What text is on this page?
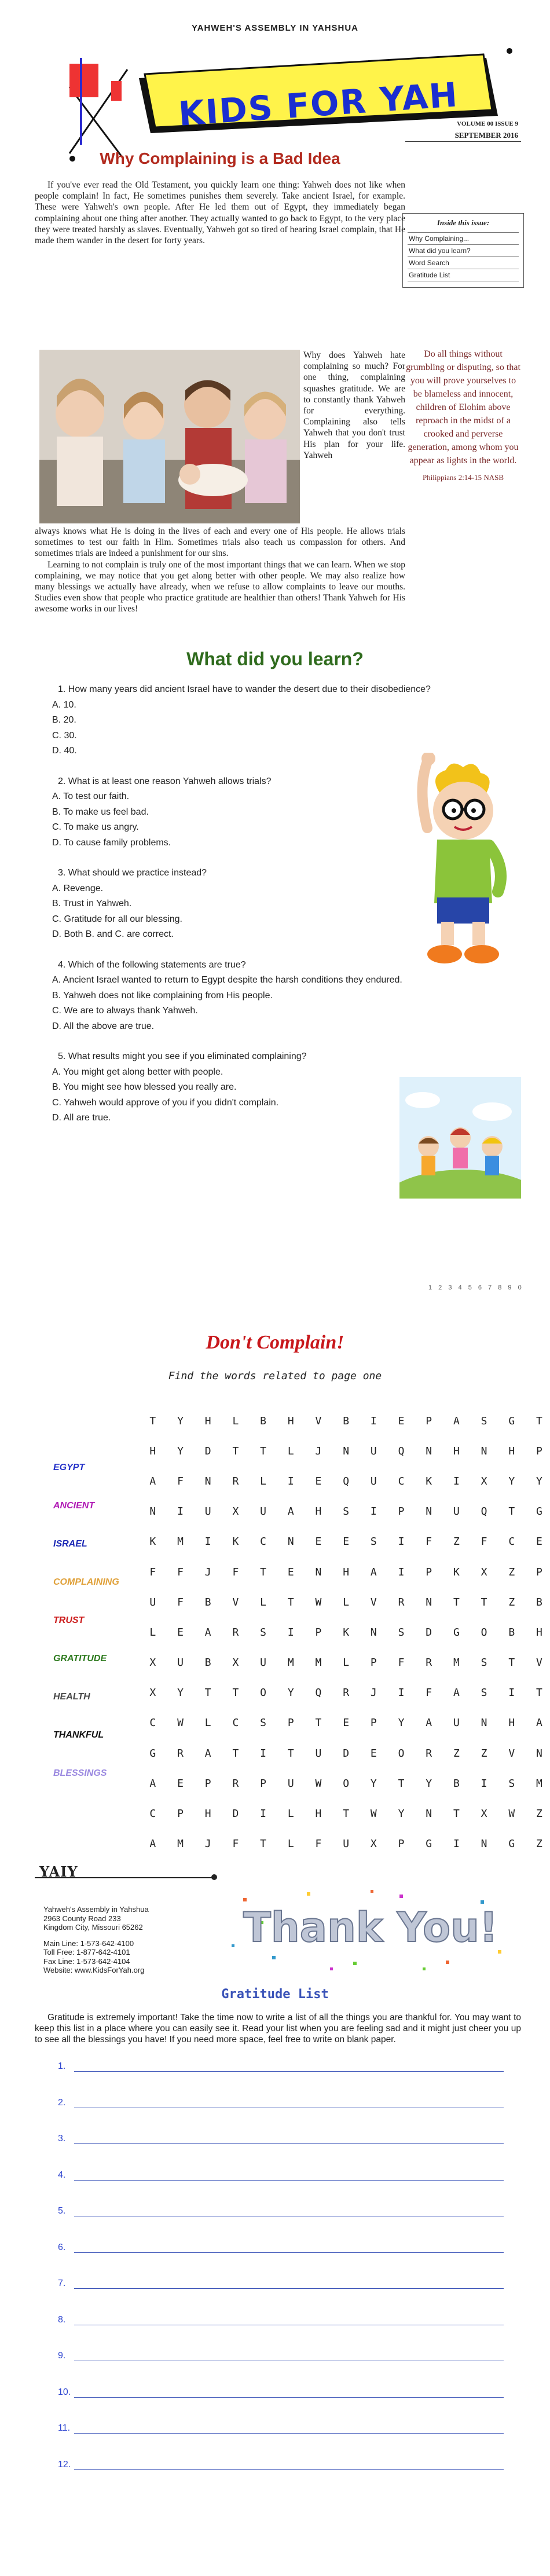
YAHWEH'S ASSEMBLY IN YAHSHUA
KIDS FOR YAH
VOLUME 00 ISSUE 9
SEPTEMBER 2016
Why Complaining is a Bad Idea

If you've ever read the Old Testament, you quickly learn one thing: Yahweh does not like when people complain! In fact, He sometimes punishes them severely. Take ancient Israel, for example. These were Yahweh's own people. After He led them out of Egypt, they immediately began complaining about one thing after another. They actually wanted to go back to Egypt, to the very place they were treated harshly as slaves. Eventually, Yahweh got so tired of hearing Israel complain, that He made them wander in the desert for forty years.

Why does Yahweh hate complaining so much? For one thing, complaining squashes gratitude. We are to constantly thank Yahweh for everything. Complaining also tells Yahweh that you don't trust His plan for your life. Yahweh

always knows what He is doing in the lives of each and every one of His people. He allows trials sometimes to test our faith in Him. Sometimes trials also teach us compassion for others. And sometimes trials are indeed a punishment for our sins.

Learning to not complain is truly one of the most important things that we can learn. When we stop complaining, we may notice that you get along better with other people. We may also realize how many blessings we actually have already, when we refuse to allow complaints to leave our mouths. Studies even show that people who practice gratitude are healthier than others! Thank Yahweh for His awesome works in our lives!

Inside this issue:
Why Complaining...
What did you learn?
Word Search
Gratitude List
Do all things without grumbling or disputing, so that you will prove yourselves to be blameless and innocent, children of Elohim above reproach in the midst of a crooked and perverse generation, among whom you appear as lights in the world.
Philippians 2:14-15 NASB
What did you learn?
1. How many years did ancient Israel have to wander the desert due to their disobedience?
A. 10.
B. 20.
C. 30.
D. 40.
2. What is at least one reason Yahweh allows trials?
A. To test our faith.
B. To make us feel bad.
C. To make us angry.
D. To cause family problems.
3. What should we practice instead?
A. Revenge.
B. Trust in Yahweh.
C. Gratitude for all our blessing.
D. Both B. and C. are correct.
4. Which of the following statements are true?
A. Ancient Israel wanted to return to Egypt despite the harsh conditions they endured.
B. Yahweh does not like complaining from His people.
C. We are to always thank Yahweh.
D. All the above are true.
5. What results might you see if you eliminated complaining?
A. You might get along better with people.
B. You might see how blessed you really are.
C. Yahweh would approve of you if you didn't complain.
D. All are true.
1 2 3 4 5 6 7 8 9 0
Don't Complain!
Find the words related to page one
T	Y	H	L	B	H	V	B	I	E	P	A	S	G	T
H	Y	D	T	T	L	J	N	U	Q	N	H	N	H	P
A	F	N	R	L	I	E	Q	U	C	K	I	X	Y	Y
N	I	U	X	U	A	H	S	I	P	N	U	Q	T	G
K	M	I	K	C	N	E	E	S	I	F	Z	F	C	E
F	F	J	F	T	E	N	H	A	I	P	K	X	Z	P
U	F	B	V	L	T	W	L	V	R	N	T	T	Z	B
L	E	A	R	S	I	P	K	N	S	D	G	O	B	H
X	U	B	X	U	M	M	L	P	F	R	M	S	T	V
X	Y	T	T	O	Y	Q	R	J	I	F	A	S	I	T
C	W	L	C	S	P	T	E	P	Y	A	U	N	H	A
G	R	A	T	I	T	U	D	E	O	R	Z	Z	V	N
A	E	P	R	P	U	W	O	Y	T	Y	B	I	S	M
C	P	H	D	I	L	H	T	W	Y	N	T	X	W	Z
A	M	J	F	T	L	F	U	X	P	G	I	N	G	Z
EGYPT
ANCIENT
ISRAEL
COMPLAINING
TRUST
GRATITUDE
HEALTH
THANKFUL
BLESSINGS
YAIY
Yahweh's Assembly in Yahshua
2963 County Road 233
Kingdom City, Missouri 65262
Main Line: 1-573-642-4100
Toll Free: 1-877-642-4101
Fax Line: 1-573-642-4104
Website: www.KidsForYah.org
Thank You!
Gratitude List

Gratitude is extremely important! Take the time now to write a list of all the things you are thankful for. You may want to keep this list in a place where you can easily see it. Read your list when you are feeling sad and it might just cheer you up to see all the blessings you have! If you need more space, feel free to write on blank paper.

1.
2.
3.
4.
5.
6.
7.
8.
9.
10.
11.
12.
